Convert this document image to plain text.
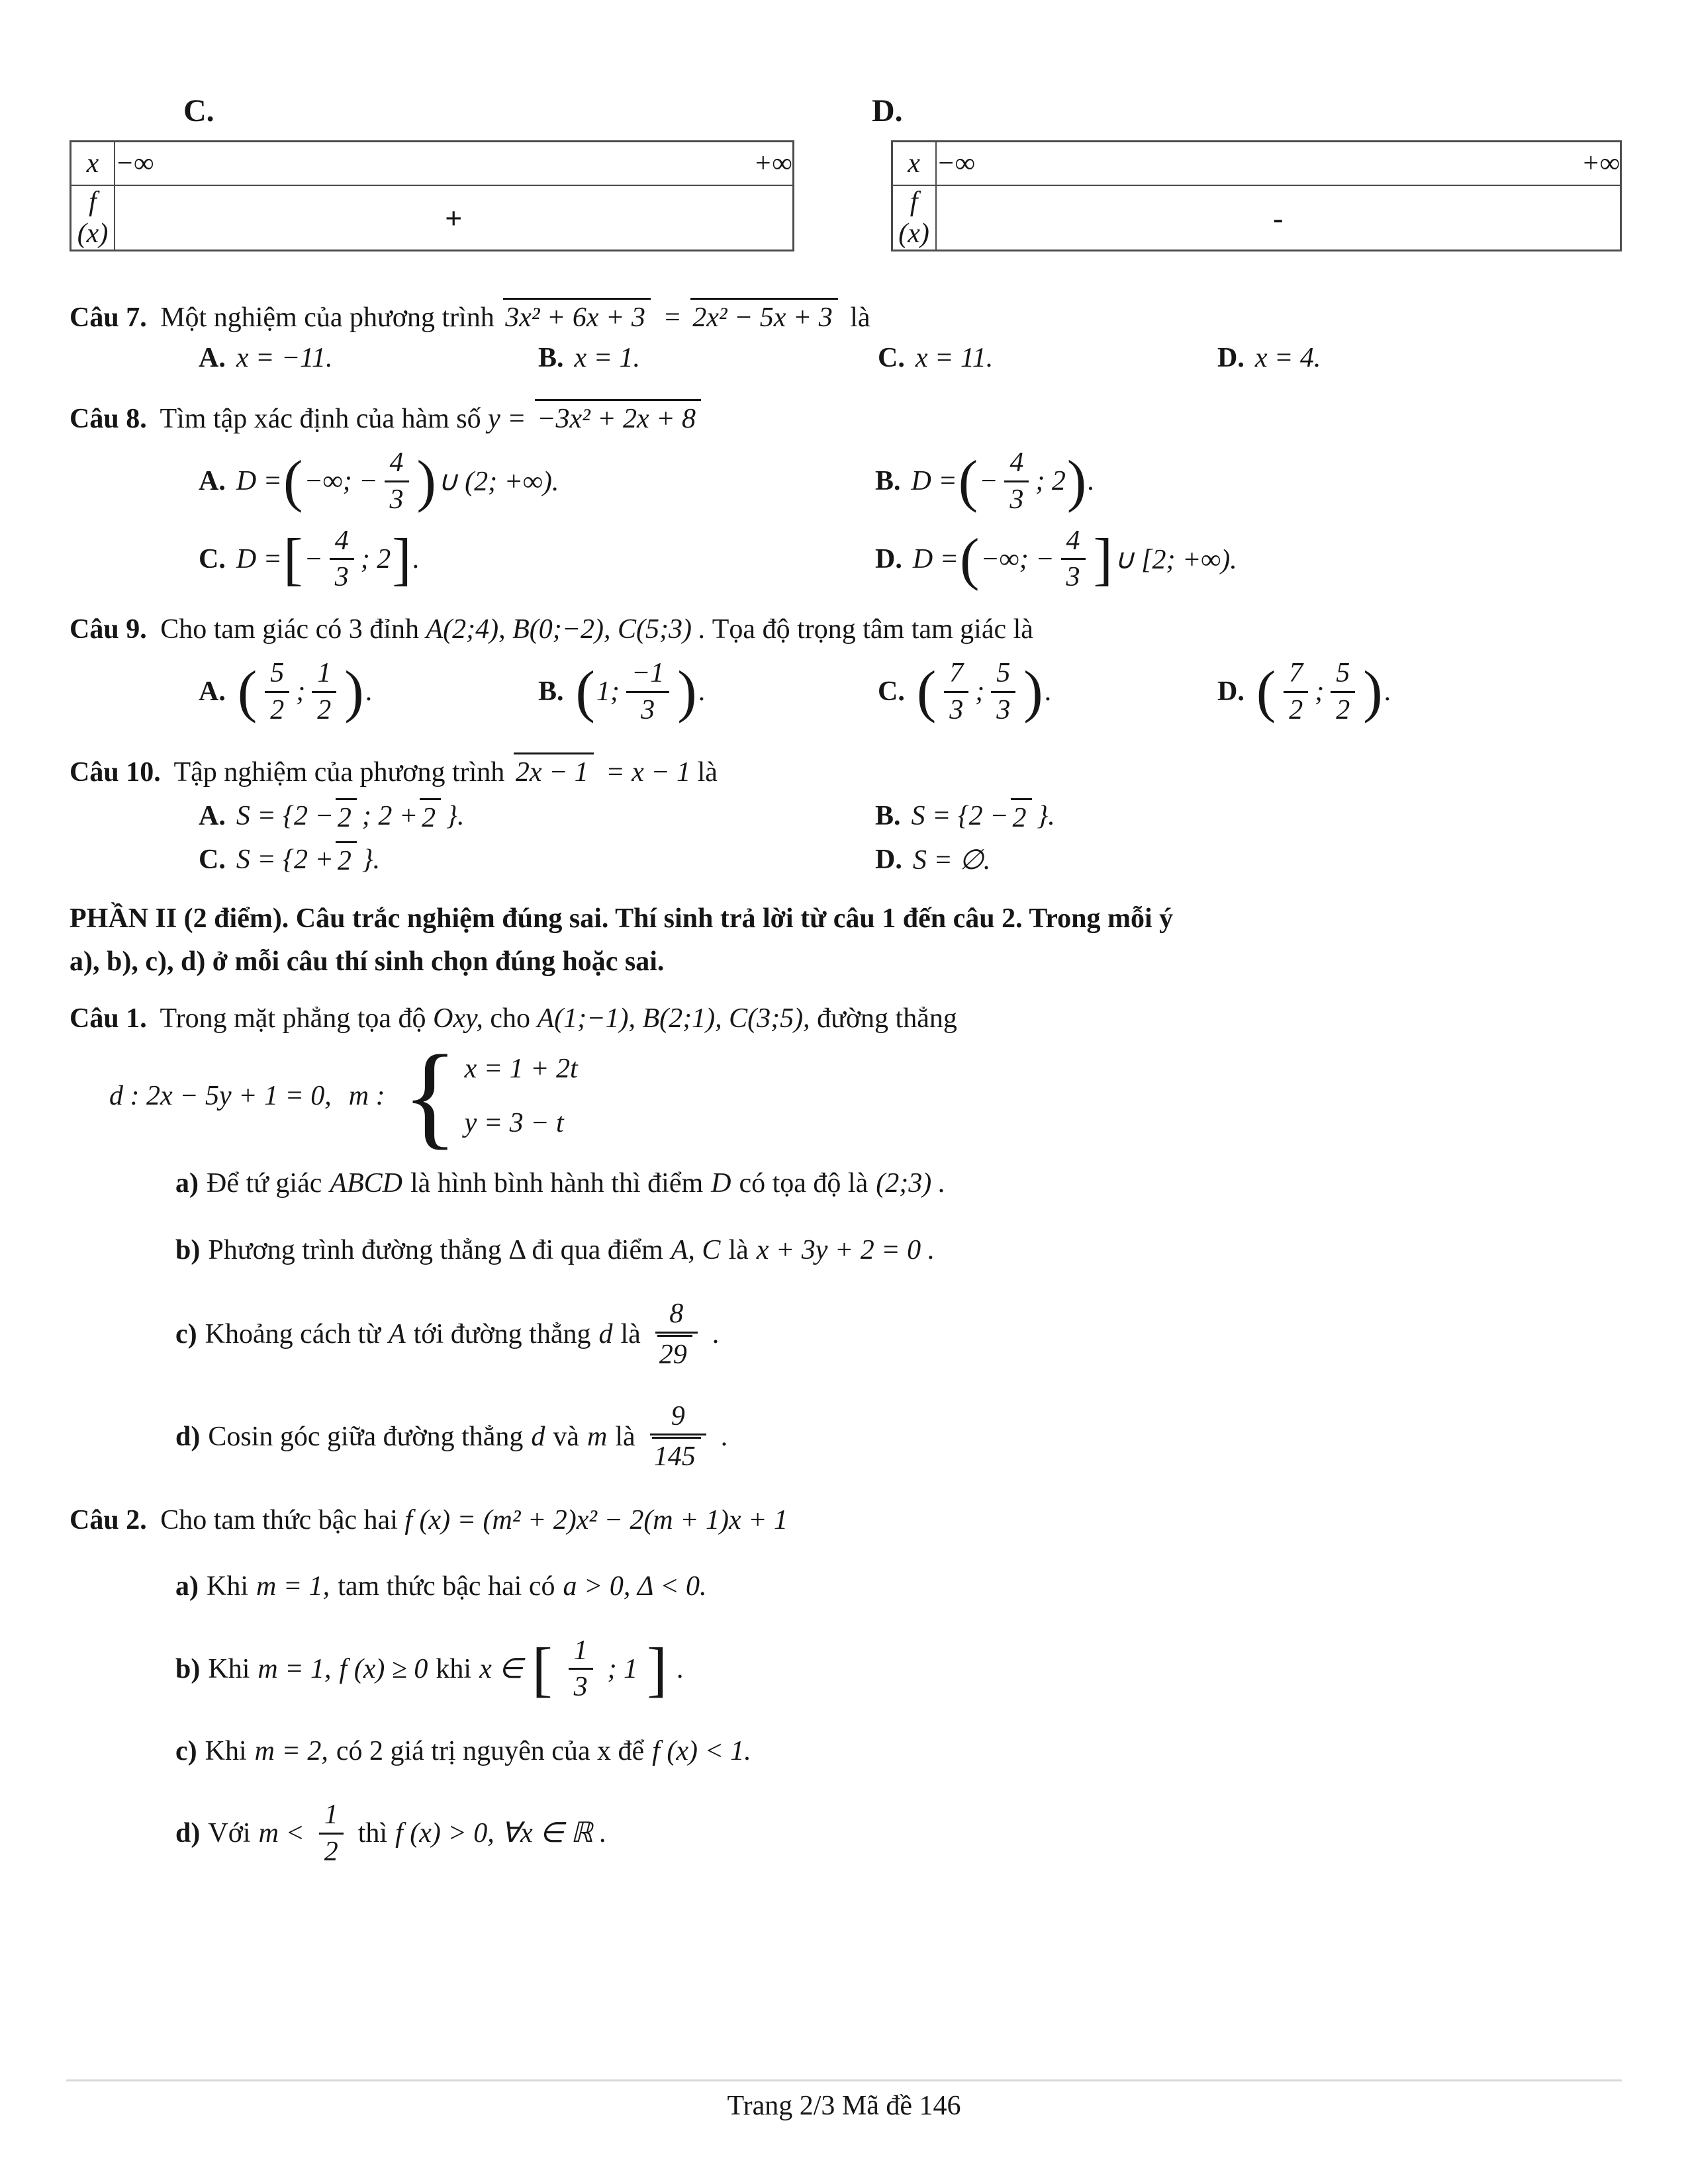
C.	D.
x	−∞ +∞

f (x)	+
x	−∞ +∞

f (x)	-

Câu 7. Một nghiệm của phương trình 3x² + 6x + 3 = 2x² − 5x + 3 là

A. x = −11.	B. x = 1.	C. x = 11.	D. x = 4.

Câu 8. Tìm tập xác định của hàm số y = −3x² + 2x + 8

A. D = ( −∞; − $\frac{4}{3}$ ) ∪ (2; +∞).	B. D = ( − $\frac{4}{3}$ ; 2 ) .
C. D = [ − $\frac{4}{3}$ ; 2 ] .	D. D = ( −∞; − $\frac{4}{3}$ ] ∪ [2; +∞).

Câu 9. Cho tam giác có 3 đỉnh A(2;4), B(0;−2), C(5;3) . Tọa độ trọng tâm tam giác là

A. ( $\frac{5}{2}$ ; $\frac{1}{2}$ ) .	B. ( 1; $\frac{-1}{3}$ ) .	C. ( $\frac{7}{3}$ ; $\frac{5}{3}$ ) .	D. ( $\frac{7}{2}$ ; $\frac{5}{2}$ ) .

Câu 10. Tập nghiệm của phương trình 2x − 1 = x − 1 là

A. S = {2 − 2 ; 2 + 2 }.	B. S = {2 − 2 }.
C. S = {2 + 2 }.	D. S = ∅.

PHẦN II (2 điểm). Câu trắc nghiệm đúng sai. Thí sinh trả lời từ câu 1 đến câu 2. Trong mỗi ý
a), b), c), d) ở mỗi câu thí sinh chọn đúng hoặc sai.

Câu 1. Trong mặt phẳng tọa độ Oxy, cho A(1;−1), B(2;1), C(3;5), đường thẳng

d : 2x − 5y + 1 = 0, m : { x = 1 + 2t
y = 3 − t
a) Để tứ giác ABCD là hình bình hành thì điểm D có tọa độ là (2;3) .
b) Phương trình đường thẳng Δ đi qua điểm A, C là x + 3y + 2 = 0 .
c) Khoảng cách từ A tới đường thẳng d là $\frac{8}{29}$ .
d) Cosin góc giữa đường thẳng d và m là $\frac{9}{145}$ .

Câu 2. Cho tam thức bậc hai f (x) = (m² + 2)x² − 2(m + 1)x + 1

a) Khi m = 1, tam thức bậc hai có a > 0, Δ < 0.
b) Khi m = 1, f (x) ≥ 0 khi x ∈ [ $\frac{1}{3}$ ; 1 ] .
c) Khi m = 2, có 2 giá trị nguyên của x để f (x) < 1.
d) Với $m < \frac{1}{2}$ thì f (x) > 0, ∀x ∈ ℝ .
Trang 2/3 Mã đề 146
